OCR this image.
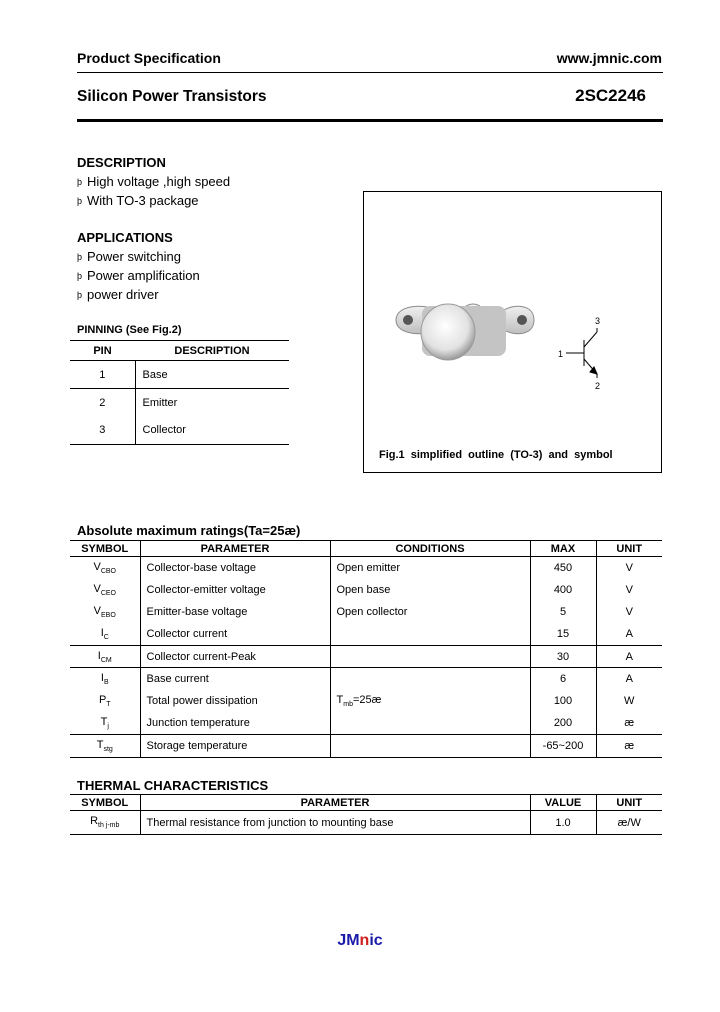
Product Specification	www.jmnic.com
Silicon Power Transistors	2SC2246
DESCRIPTION
þ High voltage ,high speed
þ With TO-3 package
APPLICATIONS
þ Power switching
þ Power amplification
þ power driver
PINNING (See Fig.2)
PIN	DESCRIPTION
1	Base
2	Emitter
3	Collector
3
1
2
Fig.1 simplified outline (TO-3) and symbol
Absolute maximum ratings(Ta=25æ)
SYMBOL	PARAMETER	CONDITIONS	MAX	UNIT
$V_{CBO}$	Collector-base voltage	Open emitter	450	V
$V_{CEO}$	Collector-emitter voltage	Open base	400	V
$V_{EBO}$	Emitter-base voltage	Open collector	5	V
$I_C$	Collector current		15	A
$I_{CM}$	Collector current-Peak		30	A
$I_B$	Base current		6	A
$P_T$	Total power dissipation	$T_{mb}=25æ$	100	W
$T_j$	Junction temperature		200	æ
$T_{stg}$	Storage temperature		-65~200	æ
THERMAL CHARACTERISTICS
SYMBOL	PARAMETER	VALUE	UNIT
$R_{th j-mb}$	Thermal resistance from junction to mounting base	1.0	æ/W
JMnic
